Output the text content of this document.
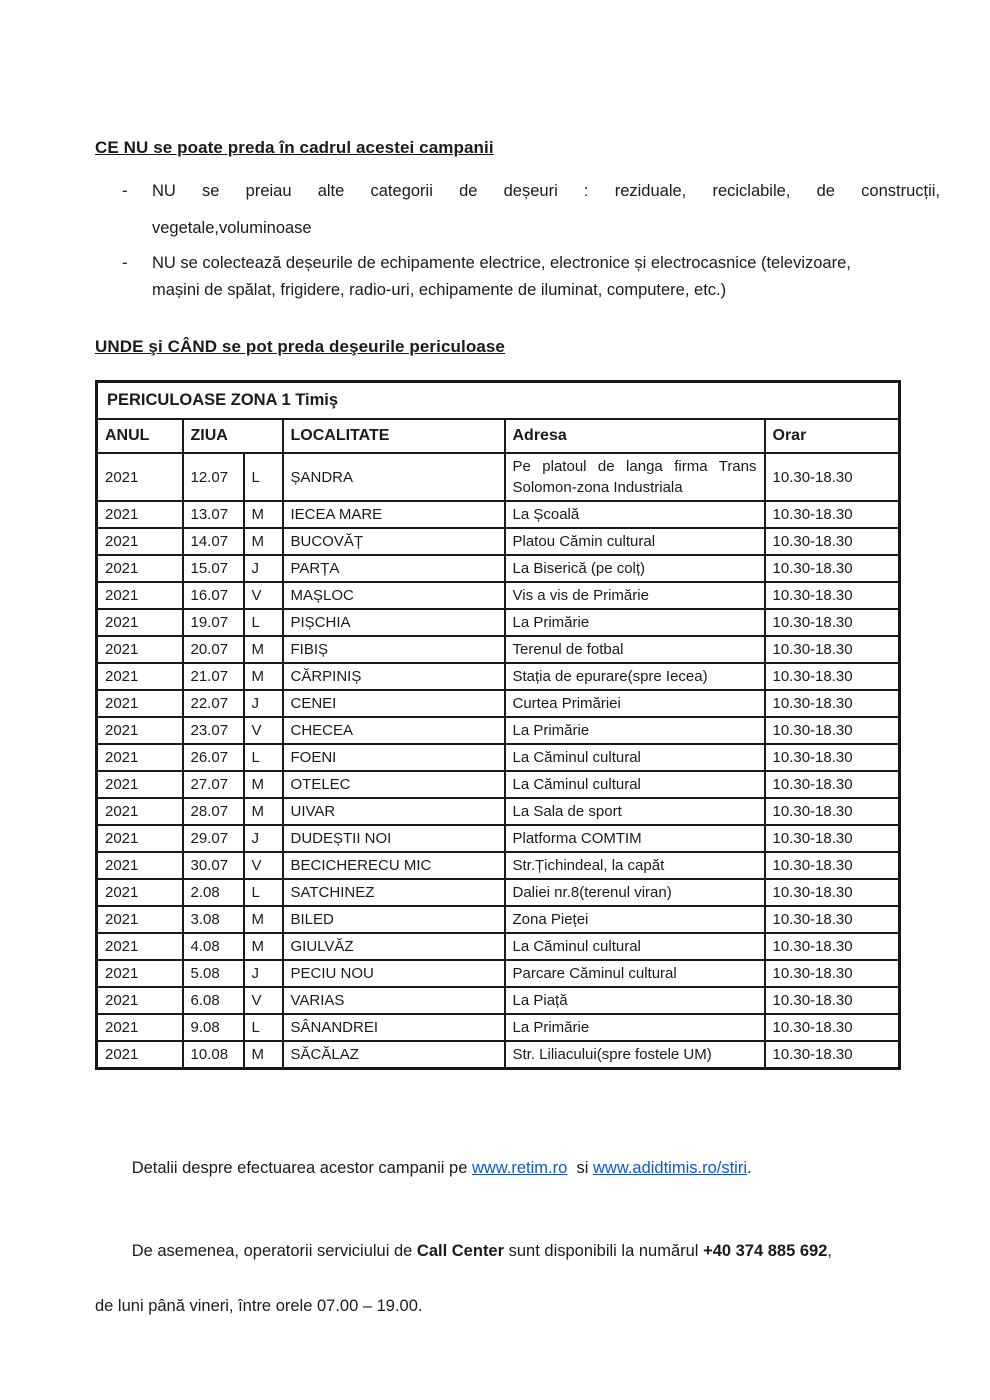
CE NU se poate preda în cadrul acestei campanii
- NU se preiau alte categorii de deșeuri : reziduale, reciclabile, de construcții,
vegetale,voluminoase
- NU se colectează deșeurile de echipamente electrice, electronice și electrocasnice (televizoare,
mașini de spălat, frigidere, radio-uri, echipamente de iluminat, computere, etc.)
UNDE şi CÂND se pot preda deşeurile periculoase
PERICULOASE ZONA 1 Timiş					
ANUL	ZIUA		LOCALITATE	Adresa	Orar
2021	12.07	L	ȘANDRA	Pe platoul de langa firma Trans Solomon-zona Industriala	10.30-18.30
2021	13.07	M	IECEA MARE	La Școală	10.30-18.30
2021	14.07	M	BUCOVĂȚ	Platou Cămin cultural	10.30-18.30
2021	15.07	J	PARȚA	La Biserică (pe colț)	10.30-18.30
2021	16.07	V	MAȘLOC	Vis a vis de Primărie	10.30-18.30
2021	19.07	L	PIȘCHIA	La Primărie	10.30-18.30
2021	20.07	M	FIBIȘ	Terenul de fotbal	10.30-18.30
2021	21.07	M	CĂRPINIȘ	Stația de epurare(spre Iecea)	10.30-18.30
2021	22.07	J	CENEI	Curtea Primăriei	10.30-18.30
2021	23.07	V	CHECEA	La Primărie	10.30-18.30
2021	26.07	L	FOENI	La Căminul cultural	10.30-18.30
2021	27.07	M	OTELEC	La Căminul cultural	10.30-18.30
2021	28.07	M	UIVAR	La Sala de sport	10.30-18.30
2021	29.07	J	DUDEȘTII NOI	Platforma COMTIM	10.30-18.30
2021	30.07	V	BECICHERECU MIC	Str.Țichindeal, la capăt	10.30-18.30
2021	2.08	L	SATCHINEZ	Daliei nr.8(terenul viran)	10.30-18.30
2021	3.08	M	BILED	Zona Pieței	10.30-18.30
2021	4.08	M	GIULVĂZ	La Căminul cultural	10.30-18.30
2021	5.08	J	PECIU NOU	Parcare Căminul cultural	10.30-18.30
2021	6.08	V	VARIAS	La Piață	10.30-18.30
2021	9.08	L	SÂNANDREI	La Primărie	10.30-18.30
2021	10.08	M	SĂCĂLAZ	Str. Liliacului(spre fostele UM)	10.30-18.30

Detalii despre efectuarea acestor campanii pe www.retim.ro  si www.adidtimis.ro/stiri.

De asemenea, operatorii serviciului de Call Center sunt disponibili la numărul +40 374 885 692,

de luni până vineri, între orele 07.00 – 19.00.
